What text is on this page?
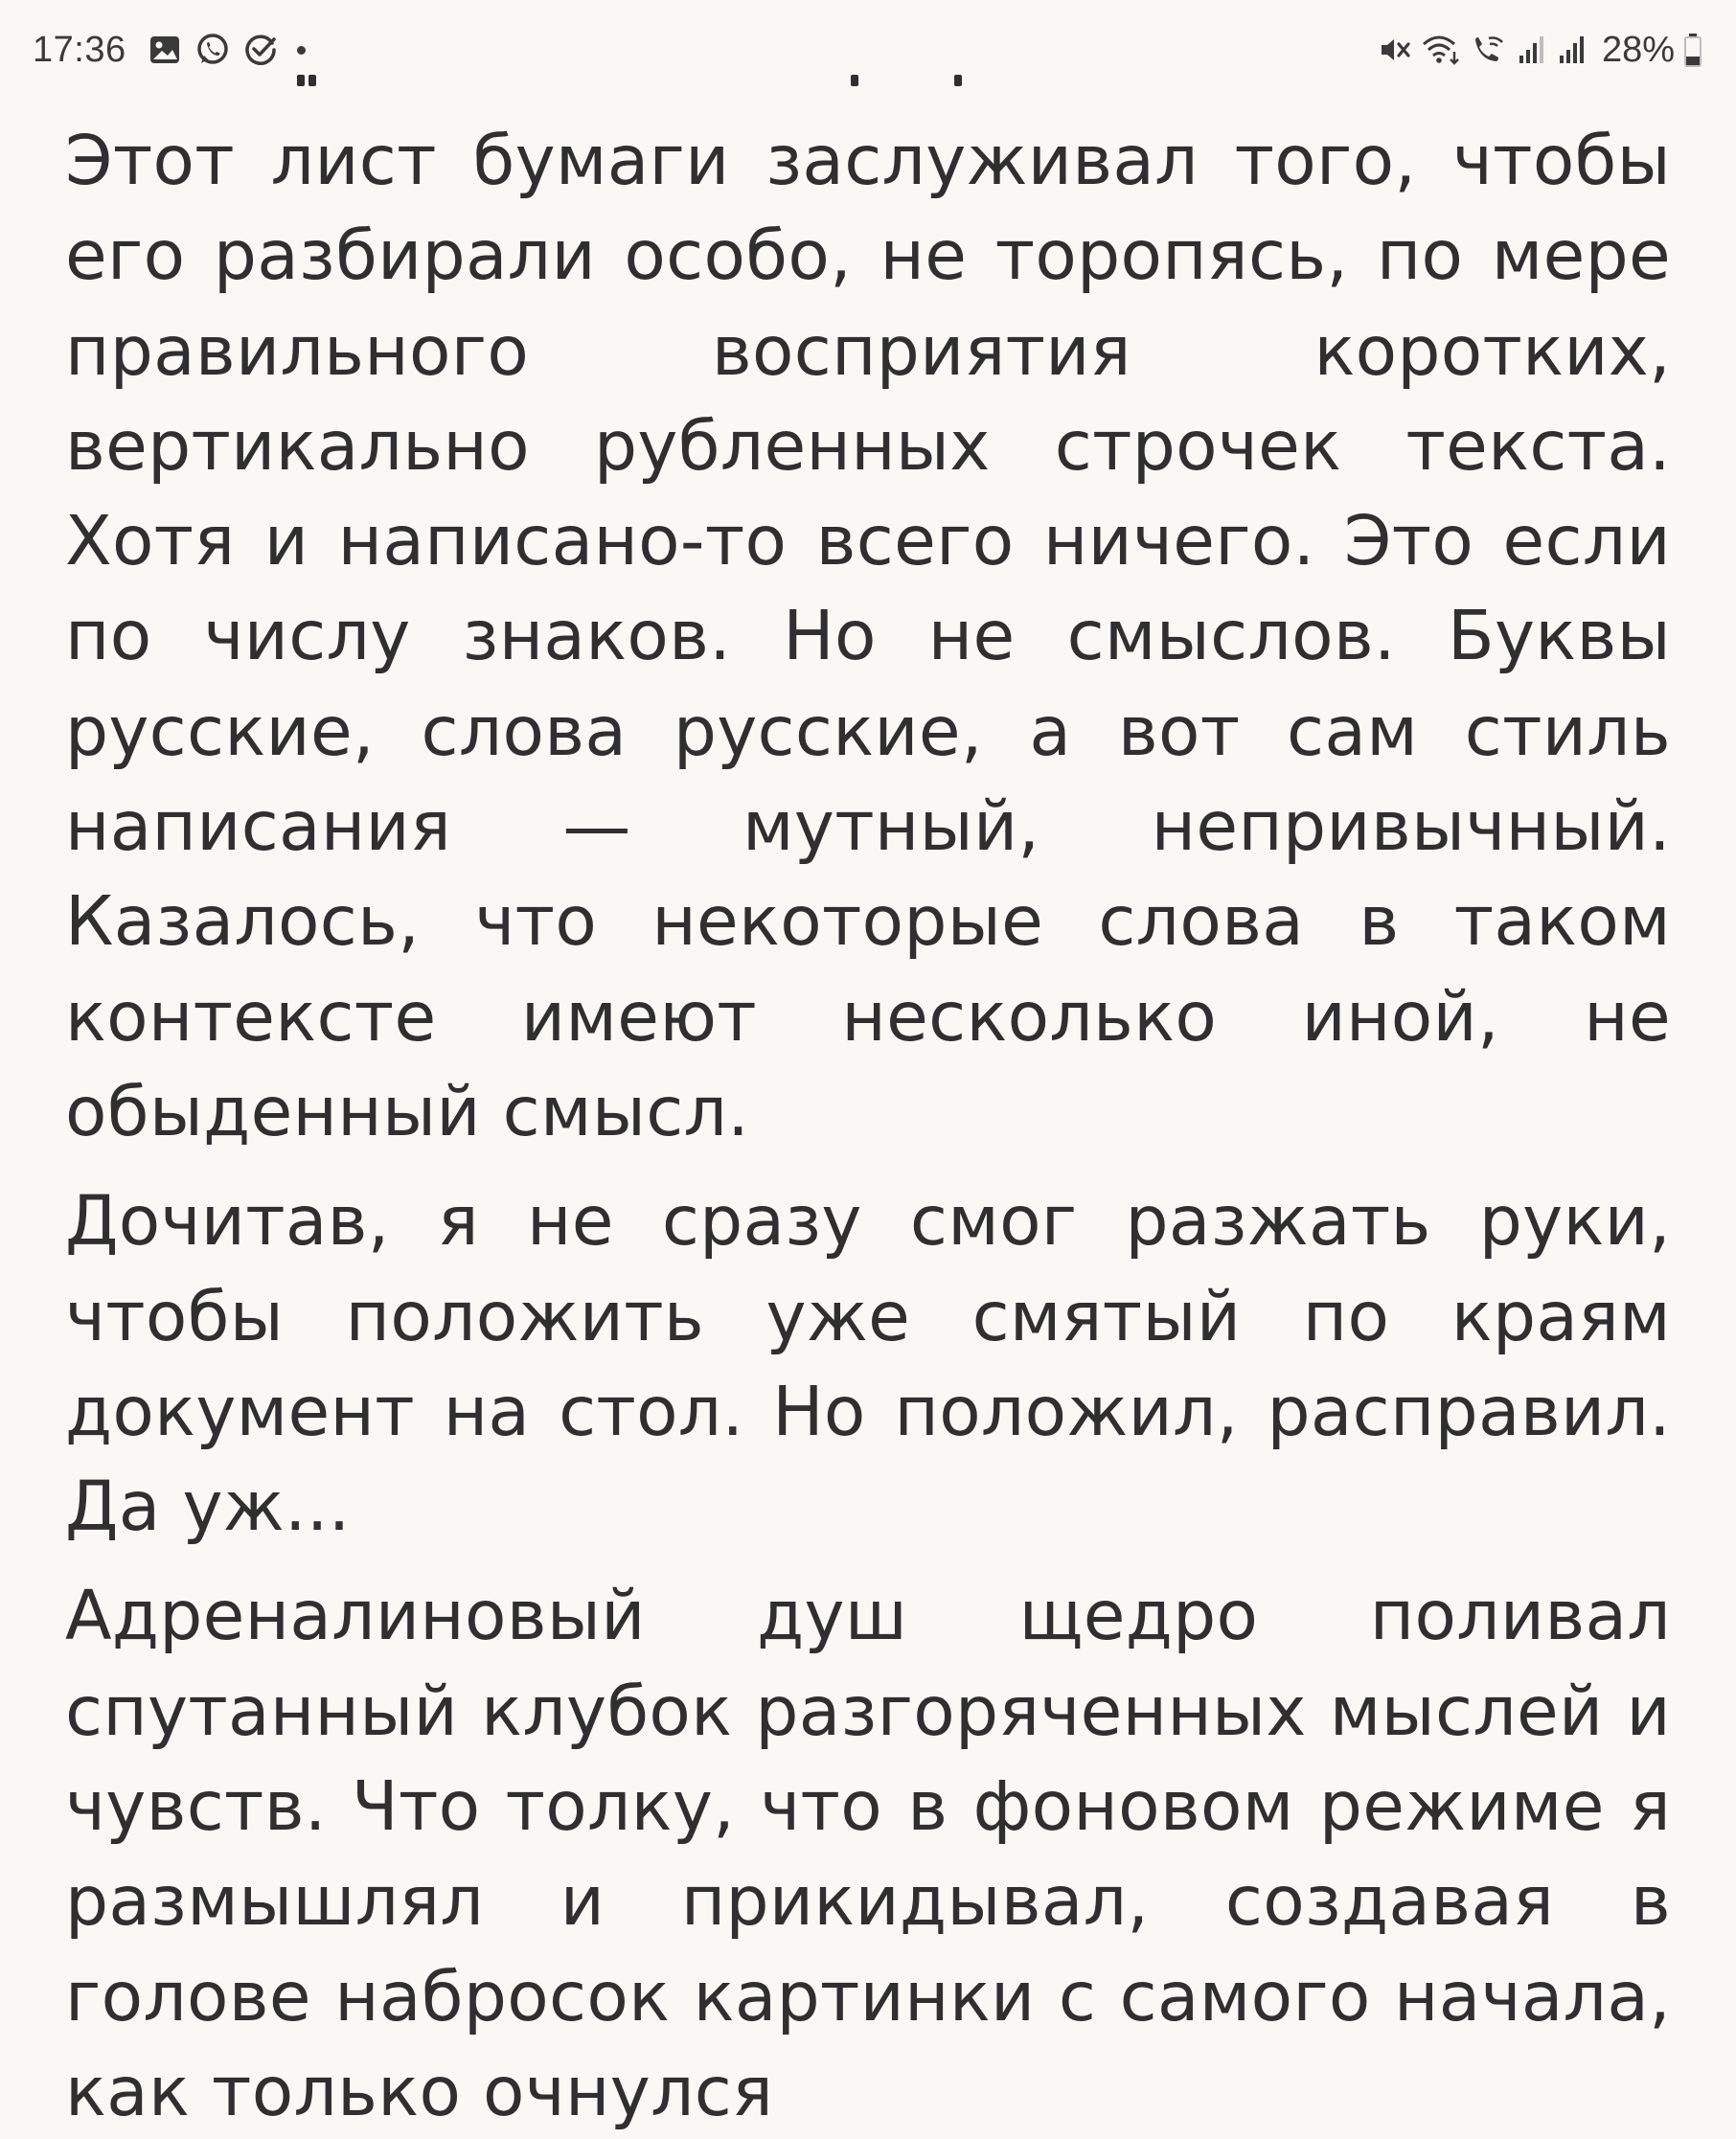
17:36	28%

Этот лист бумаги заслуживал того, чтобы его разбирали особо, не торопясь, по мере правильного восприятия коротких, вертикально рубленных строчек текста. Хотя и написано-то всего ничего. Это если по числу знаков. Но не смыслов. Буквы русские, слова русские, а вот сам стиль написания — мутный, непривычный. Казалось, что некоторые слова в таком контексте имеют несколько иной, не обыденный смысл.

Дочитав, я не сразу смог разжать руки, чтобы положить уже смятый по краям документ на стол. Но положил, расправил. Да уж...

Адреналиновый душ щедро поливал спутанный клубок разгоряченных мыслей и чувств. Что толку, что в фоновом режиме я размышлял и прикидывал, создавая в голове набросок картинки с самого начала, как только очнулся
